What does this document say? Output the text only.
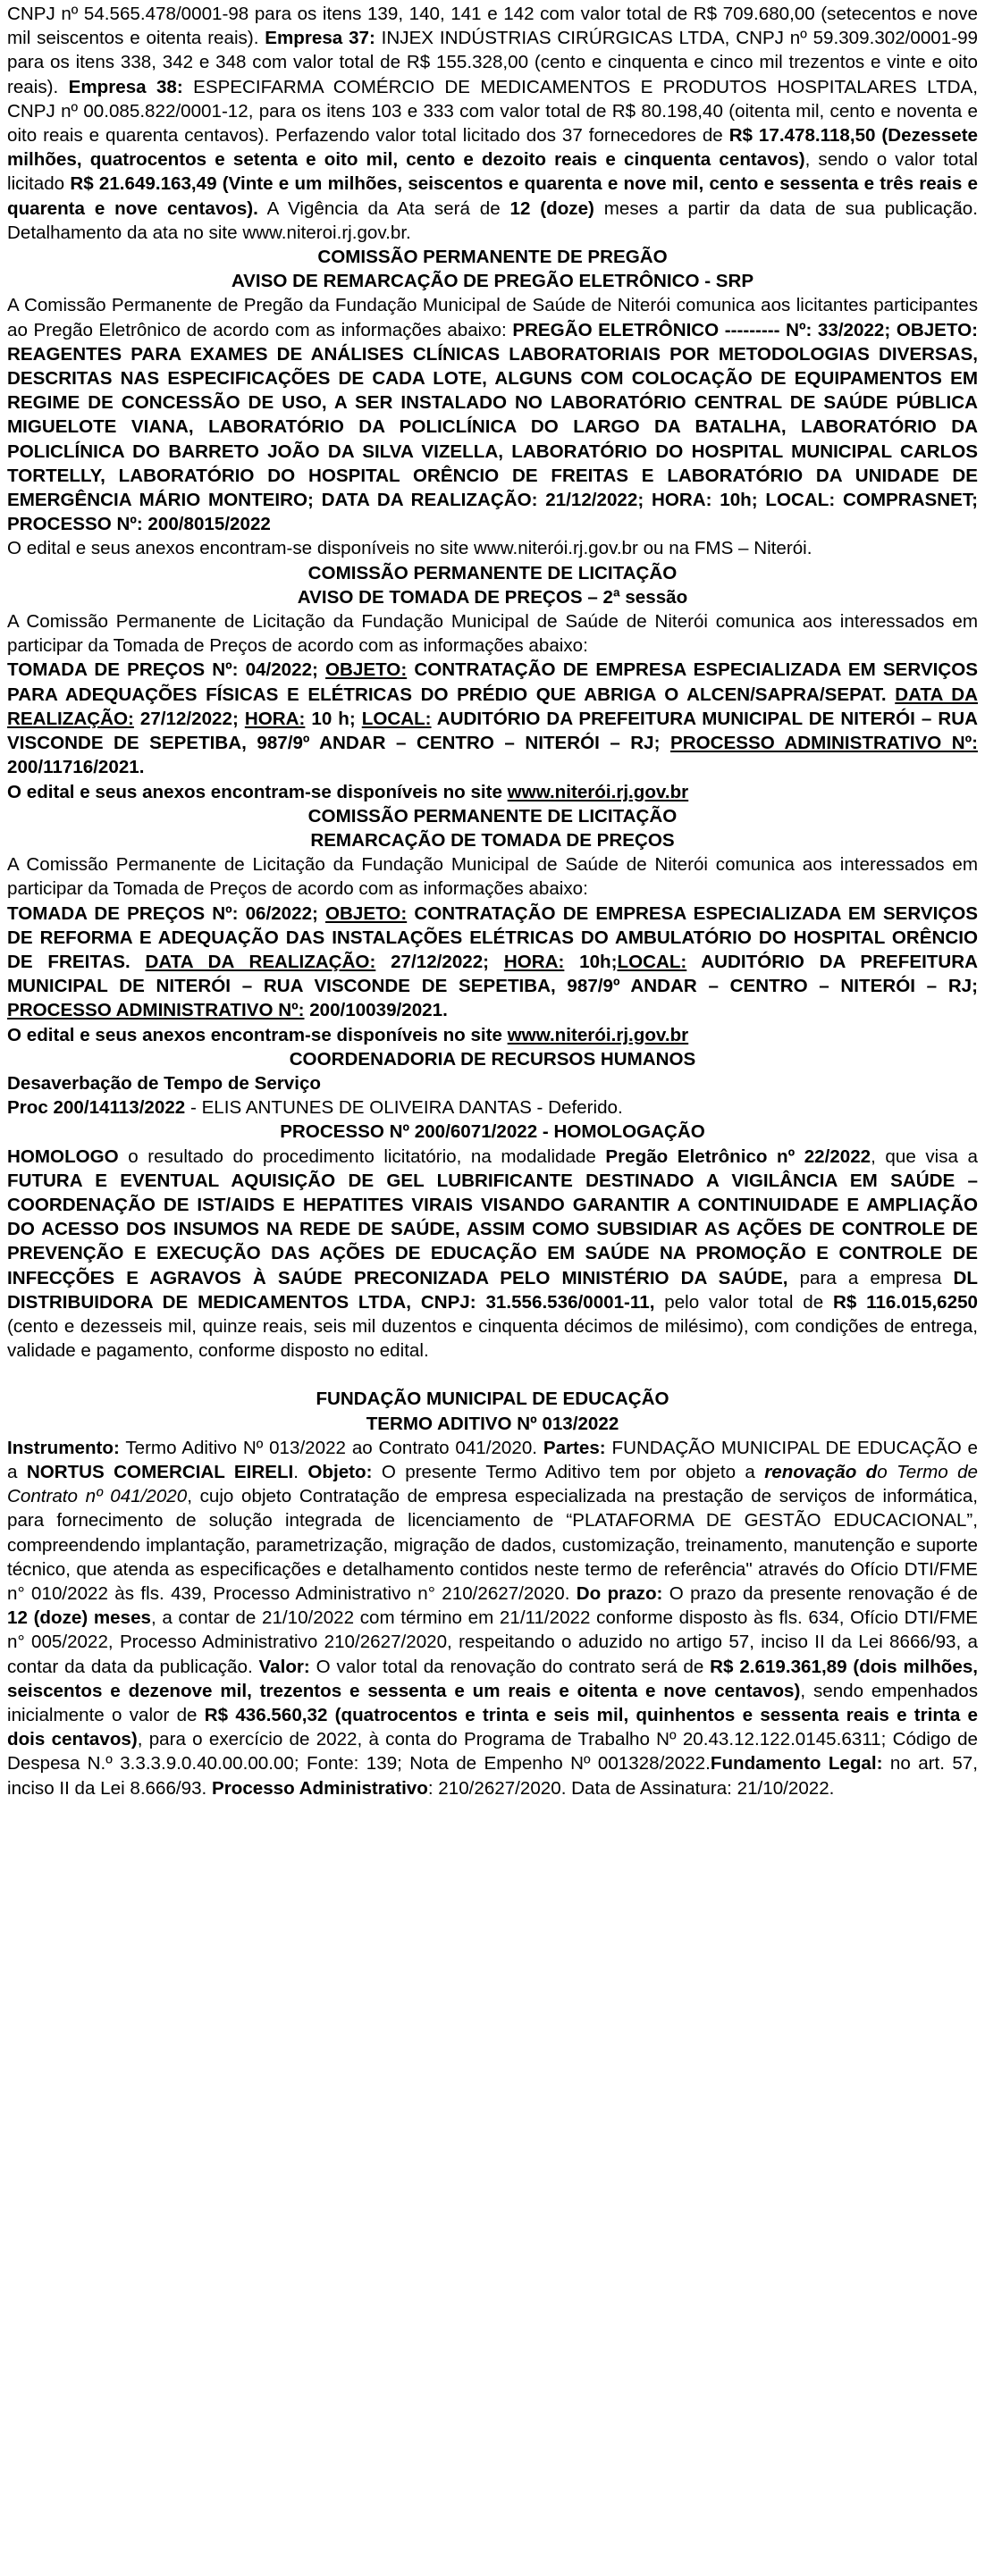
CNPJ nº 54.565.478/0001-98 para os itens 139, 140, 141 e 142 com valor total de R$ 709.680,00 (setecentos e nove mil seiscentos e oitenta reais). Empresa 37: INJEX INDÚSTRIAS CIRÚRGICAS LTDA, CNPJ nº 59.309.302/0001-99 para os itens 338, 342 e 348 com valor total de R$ 155.328,00 (cento e cinquenta e cinco mil trezentos e vinte e oito reais). Empresa 38: ESPECIFARMA COMÉRCIO DE MEDICAMENTOS E PRODUTOS HOSPITALARES LTDA, CNPJ nº 00.085.822/0001-12, para os itens 103 e 333 com valor total de R$ 80.198,40 (oitenta mil, cento e noventa e oito reais e quarenta centavos). Perfazendo valor total licitado dos 37 fornecedores de R$ 17.478.118,50 (Dezessete milhões, quatrocentos e setenta e oito mil, cento e dezoito reais e cinquenta centavos), sendo o valor total licitado R$ 21.649.163,49 (Vinte e um milhões, seiscentos e quarenta e nove mil, cento e sessenta e três reais e quarenta e nove centavos). A Vigência da Ata será de 12 (doze) meses a partir da data de sua publicação. Detalhamento da ata no site www.niteroi.rj.gov.br.

COMISSÃO PERMANENTE DE PREGÃO

AVISO DE REMARCAÇÃO DE PREGÃO ELETRÔNICO - SRP

A Comissão Permanente de Pregão da Fundação Municipal de Saúde de Niterói comunica aos licitantes participantes ao Pregão Eletrônico de acordo com as informações abaixo: PREGÃO ELETRÔNICO --------- Nº: 33/2022; OBJETO: REAGENTES PARA EXAMES DE ANÁLISES CLÍNICAS LABORATORIAIS POR METODOLOGIAS DIVERSAS, DESCRITAS NAS ESPECIFICAÇÕES DE CADA LOTE, ALGUNS COM COLOCAÇÃO DE EQUIPAMENTOS EM REGIME DE CONCESSÃO DE USO, A SER INSTALADO NO LABORATÓRIO CENTRAL DE SAÚDE PÚBLICA MIGUELOTE VIANA, LABORATÓRIO DA POLICLÍNICA DO LARGO DA BATALHA, LABORATÓRIO DA POLICLÍNICA DO BARRETO JOÃO DA SILVA VIZELLA, LABORATÓRIO DO HOSPITAL MUNICIPAL CARLOS TORTELLY, LABORATÓRIO DO HOSPITAL ORÊNCIO DE FREITAS E LABORATÓRIO DA UNIDADE DE EMERGÊNCIA MÁRIO MONTEIRO; DATA DA REALIZAÇÃO: 21/12/2022; HORA: 10h; LOCAL: COMPRASNET; PROCESSO Nº: 200/8015/2022

O edital e seus anexos encontram-se disponíveis no site www.niterói.rj.gov.br ou na FMS – Niterói.

COMISSÃO PERMANENTE DE LICITAÇÃO

AVISO DE TOMADA DE PREÇOS – 2ª sessão

A Comissão Permanente de Licitação da Fundação Municipal de Saúde de Niterói comunica aos interessados em participar da Tomada de Preços de acordo com as informações abaixo:

TOMADA DE PREÇOS Nº: 04/2022; OBJETO: CONTRATAÇÃO DE EMPRESA ESPECIALIZADA EM SERVIÇOS PARA ADEQUAÇÕES FÍSICAS E ELÉTRICAS DO PRÉDIO QUE ABRIGA O ALCEN/SAPRA/SEPAT. DATA DA REALIZAÇÃO: 27/12/2022; HORA: 10 h; LOCAL: AUDITÓRIO DA PREFEITURA MUNICIPAL DE NITERÓI – RUA VISCONDE DE SEPETIBA, 987/9º ANDAR – CENTRO – NITERÓI – RJ; PROCESSO ADMINISTRATIVO Nº: 200/11716/2021.

O edital e seus anexos encontram-se disponíveis no site www.niterói.rj.gov.br

COMISSÃO PERMANENTE DE LICITAÇÃO

REMARCAÇÃO DE TOMADA DE PREÇOS

A Comissão Permanente de Licitação da Fundação Municipal de Saúde de Niterói comunica aos interessados em participar da Tomada de Preços de acordo com as informações abaixo:

TOMADA DE PREÇOS Nº: 06/2022; OBJETO: CONTRATAÇÃO DE EMPRESA ESPECIALIZADA EM SERVIÇOS DE REFORMA E ADEQUAÇÃO DAS INSTALAÇÕES ELÉTRICAS DO AMBULATÓRIO DO HOSPITAL ORÊNCIO DE FREITAS. DATA DA REALIZAÇÃO: 27/12/2022; HORA: 10h;LOCAL: AUDITÓRIO DA PREFEITURA MUNICIPAL DE NITERÓI – RUA VISCONDE DE SEPETIBA, 987/9º ANDAR – CENTRO – NITERÓI – RJ; PROCESSO ADMINISTRATIVO Nº: 200/10039/2021.

O edital e seus anexos encontram-se disponíveis no site www.niterói.rj.gov.br

COORDENADORIA DE RECURSOS HUMANOS

Desaverbação de Tempo de Serviço

Proc 200/14113/2022 - ELIS ANTUNES DE OLIVEIRA DANTAS - Deferido.

PROCESSO Nº 200/6071/2022 - HOMOLOGAÇÃO

HOMOLOGO o resultado do procedimento licitatório, na modalidade Pregão Eletrônico nº 22/2022, que visa a FUTURA E EVENTUAL AQUISIÇÃO DE GEL LUBRIFICANTE DESTINADO A VIGILÂNCIA EM SAÚDE – COORDENAÇÃO DE IST/AIDS E HEPATITES VIRAIS VISANDO GARANTIR A CONTINUIDADE E AMPLIAÇÃO DO ACESSO DOS INSUMOS NA REDE DE SAÚDE, ASSIM COMO SUBSIDIAR AS AÇÕES DE CONTROLE DE PREVENÇÃO E EXECUÇÃO DAS AÇÕES DE EDUCAÇÃO EM SAÚDE NA PROMOÇÃO E CONTROLE DE INFECÇÕES E AGRAVOS À SAÚDE PRECONIZADA PELO MINISTÉRIO DA SAÚDE, para a empresa DL DISTRIBUIDORA DE MEDICAMENTOS LTDA, CNPJ: 31.556.536/0001-11, pelo valor total de R$ 116.015,6250 (cento e dezesseis mil, quinze reais, seis mil duzentos e cinquenta décimos de milésimo), com condições de entrega, validade e pagamento, conforme disposto no edital.

FUNDAÇÃO MUNICIPAL DE EDUCAÇÃO

TERMO ADITIVO Nº 013/2022

Instrumento: Termo Aditivo Nº 013/2022 ao Contrato 041/2020. Partes: FUNDAÇÃO MUNICIPAL DE EDUCAÇÃO e a NORTUS COMERCIAL EIRELI. Objeto: O presente Termo Aditivo tem por objeto a renovação do Termo de Contrato nº 041/2020, cujo objeto Contratação de empresa especializada na prestação de serviços de informática, para fornecimento de solução integrada de licenciamento de “PLATAFORMA DE GESTÃO EDUCACIONAL”, compreendendo implantação, parametrização, migração de dados, customização, treinamento, manutenção e suporte técnico, que atenda as especificações e detalhamento contidos neste termo de referência" através do Ofício DTI/FME n° 010/2022 às fls. 439, Processo Administrativo n° 210/2627/2020. Do prazo: O prazo da presente renovação é de 12 (doze) meses, a contar de 21/10/2022 com término em 21/11/2022 conforme disposto às fls. 634, Ofício DTI/FME n° 005/2022, Processo Administrativo 210/2627/2020, respeitando o aduzido no artigo 57, inciso II da Lei 8666/93, a contar da data da publicação. Valor: O valor total da renovação do contrato será de R$ 2.619.361,89 (dois milhões, seiscentos e dezenove mil, trezentos e sessenta e um reais e oitenta e nove centavos), sendo empenhados inicialmente o valor de R$ 436.560,32 (quatrocentos e trinta e seis mil, quinhentos e sessenta reais e trinta e dois centavos), para o exercício de 2022, à conta do Programa de Trabalho Nº 20.43.12.122.0145.6311; Código de Despesa N.º 3.3.3.9.0.40.00.00.00; Fonte: 139; Nota de Empenho Nº 001328/2022.Fundamento Legal: no art. 57, inciso II da Lei 8.666/93. Processo Administrativo: 210/2627/2020. Data de Assinatura: 21/10/2022.
